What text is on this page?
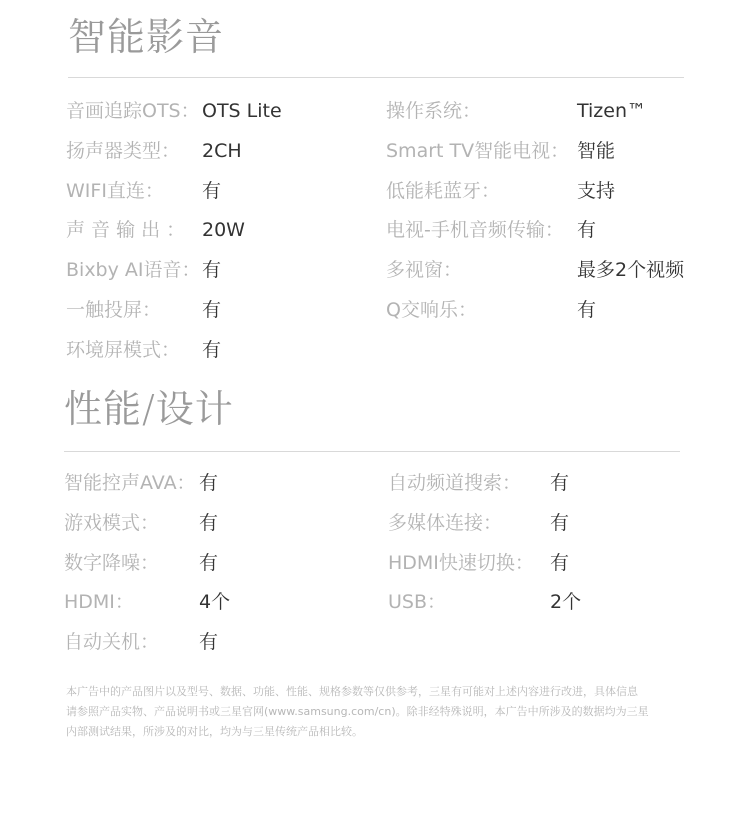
智能影音
音画追踪OTS： OTS Lite	操作系统：	Tizen™
扬声器类型： 2CH	Smart TV智能电视： 智能
WIFI直连： 有	低能耗蓝牙：	支持
声 音 输 出 ： 20W	电视-手机音频传输： 有
Bixby AI语音： 有	多视窗：	最多2个视频
一触投屏： 有	Q交响乐：	有
环境屏模式： 有
性能/设计
智能控声AVA： 有	自动频道搜索： 有
游戏模式： 有	多媒体连接：	有
数字降噪： 有	HDMI快速切换： 有
HDMI：	4个	USB：	2个
自动关机： 有

本广告中的产品图片以及型号、数据、功能、性能、规格参数等仅供参考，三星有可能对上述内容进行改进，具体信息

请参照产品实物、产品说明书或三星官网(www.samsung.com/cn)。除非经特殊说明，本广告中所涉及的数据均为三星

内部测试结果，所涉及的对比，均为与三星传统产品相比较。
